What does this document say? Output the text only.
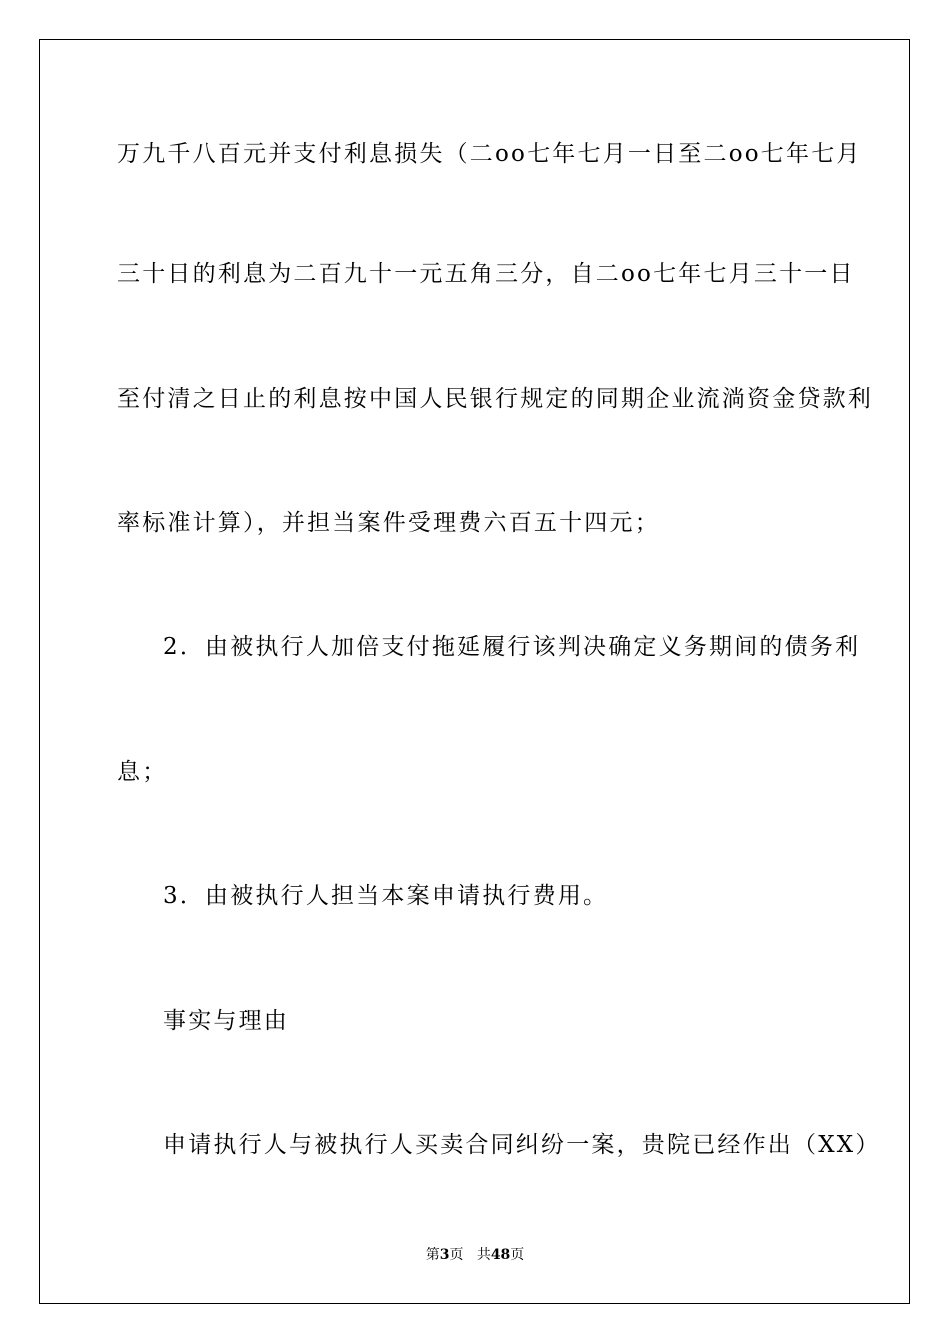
万九千八百元并支付利息损失（二oo七年七月一日至二oo七年七月
三十日的利息为二百九十一元五角三分，自二oo七年七月三十一日
至付清之日止的利息按中国人民银行规定的同期企业流淌资金贷款利
率标准计算），并担当案件受理费六百五十四元；
2．由被执行人加倍支付拖延履行该判决确定义务期间的债务利
息；
3．由被执行人担当本案申请执行费用。
事实与理由
申请执行人与被执行人买卖合同纠纷一案，贵院已经作出（XX）
第3页 共48页
